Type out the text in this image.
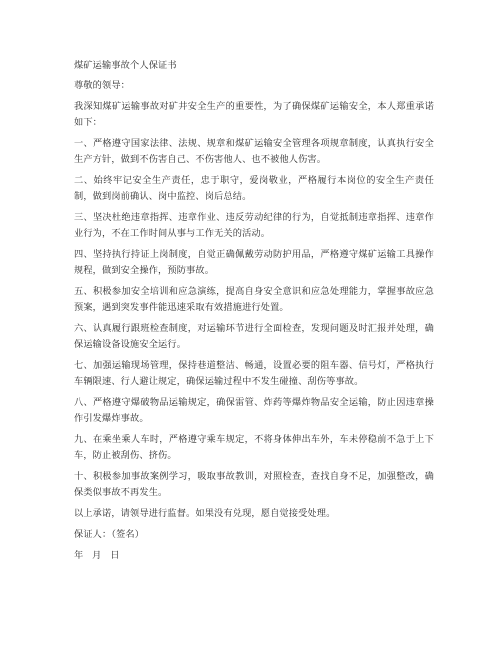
煤矿运输事故个人保证书

尊敬的领导：

我深知煤矿运输事故对矿井安全生产的重要性，为了确保煤矿运输安全，本人郑重承诺如下：

一、严格遵守国家法律、法规、规章和煤矿运输安全管理各项规章制度，认真执行安全生产方针，做到不伤害自己、不伤害他人、也不被他人伤害。

二、始终牢记安全生产责任，忠于职守，爱岗敬业，严格履行本岗位的安全生产责任制，做到岗前确认、岗中监控、岗后总结。

三、坚决杜绝违章指挥、违章作业、违反劳动纪律的行为，自觉抵制违章指挥、违章作业行为，不在工作时间从事与工作无关的活动。

四、坚持执行持证上岗制度，自觉正确佩戴劳动防护用品，严格遵守煤矿运输工具操作规程，做到安全操作，预防事故。

五、积极参加安全培训和应急演练，提高自身安全意识和应急处理能力，掌握事故应急预案，遇到突发事件能迅速采取有效措施进行处置。

六、认真履行跟班检查制度，对运输环节进行全面检查，发现问题及时汇报并处理，确保运输设备设施安全运行。

七、加强运输现场管理，保持巷道整洁、畅通，设置必要的阻车器、信号灯，严格执行车辆限速、行人避让规定，确保运输过程中不发生碰撞、刮伤等事故。

八、严格遵守爆破物品运输规定，确保雷管、炸药等爆炸物品安全运输，防止因违章操作引发爆炸事故。

九、在乘坐乘人车时，严格遵守乘车规定，不将身体伸出车外，车未停稳前不急于上下车，防止被刮伤、挤伤。

十、积极参加事故案例学习，吸取事故教训，对照检查，查找自身不足，加强整改，确保类似事故不再发生。

以上承诺，请领导进行监督。如果没有兑现，愿自觉接受处理。

保证人：（签名）

年 月 日
